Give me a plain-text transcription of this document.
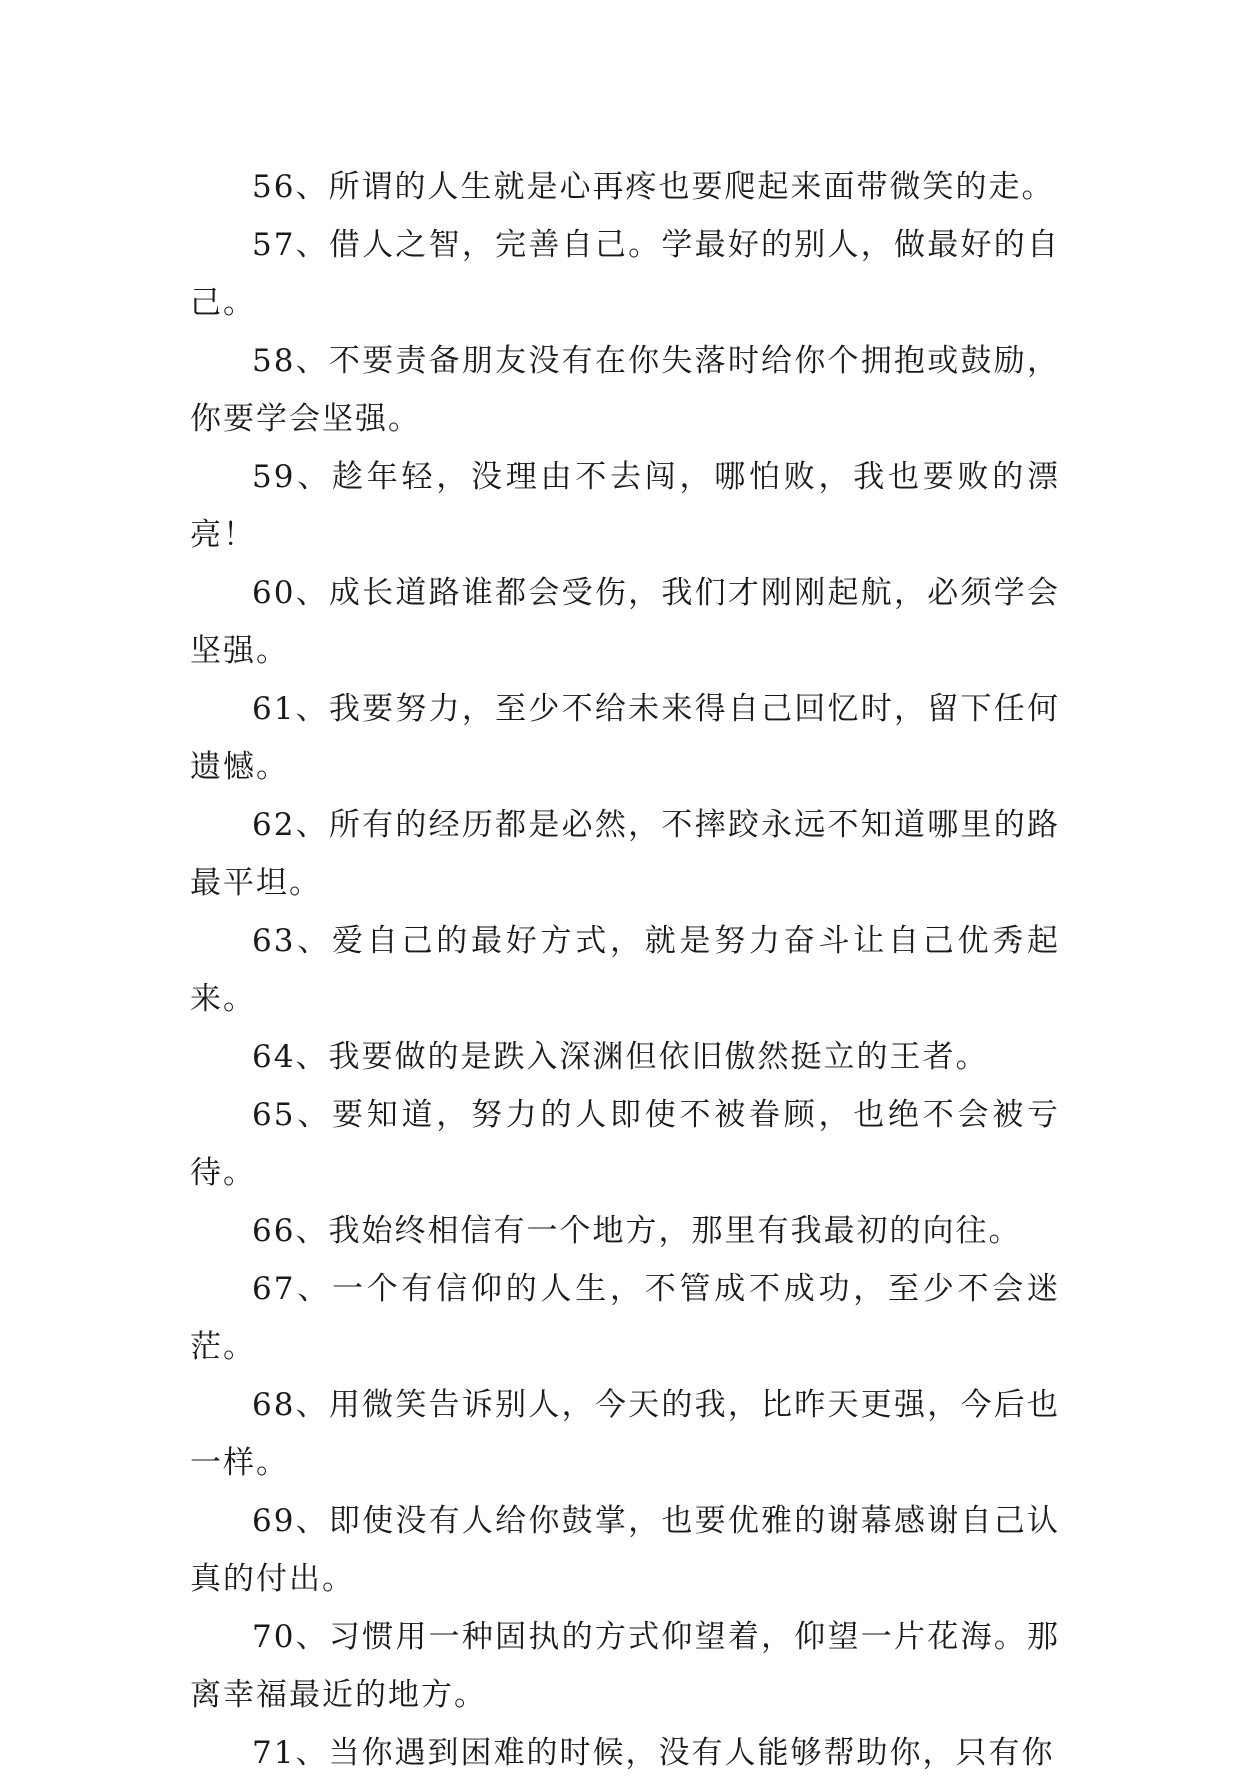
56、所谓的人生就是心再疼也要爬起来面带微笑的走。

57、借人之智，完善自己。学最好的别人，做最好的自己。

58、不要责备朋友没有在你失落时给你个拥抱或鼓励，你要学会坚强。

59、趁年轻，没理由不去闯，哪怕败，我也要败的漂亮！

60、成长道路谁都会受伤，我们才刚刚起航，必须学会坚强。

61、我要努力，至少不给未来得自己回忆时，留下任何遗憾。

62、所有的经历都是必然，不摔跤永远不知道哪里的路最平坦。

63、爱自己的最好方式，就是努力奋斗让自己优秀起来。

64、我要做的是跌入深渊但依旧傲然挺立的王者。

65、要知道，努力的人即使不被眷顾，也绝不会被亏待。

66、我始终相信有一个地方，那里有我最初的向往。

67、一个有信仰的人生，不管成不成功，至少不会迷茫。

68、用微笑告诉别人，今天的我，比昨天更强，今后也一样。

69、即使没有人给你鼓掌，也要优雅的谢幕感谢自己认真的付出。

70、习惯用一种固执的方式仰望着，仰望一片花海。那离幸福最近的地方。

71、当你遇到困难的时候，没有人能够帮助你，只有你
